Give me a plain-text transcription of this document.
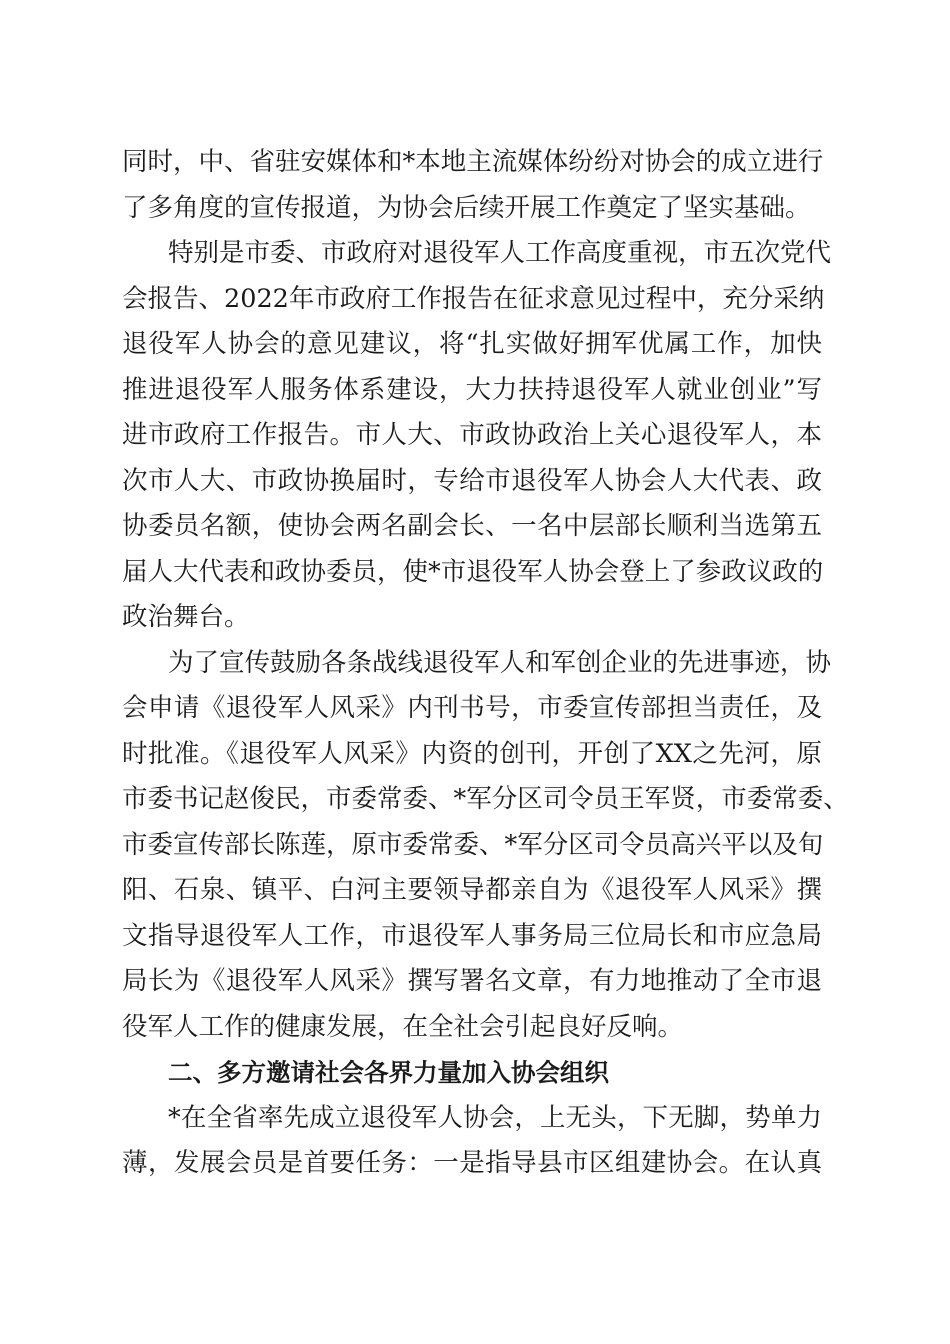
同时，中、省驻安媒体和*本地主流媒体纷纷对协会的成立进行
了多角度的宣传报道，为协会后续开展工作奠定了坚实基础。
特别是市委、市政府对退役军人工作高度重视，市五次党代
会报告、2022年市政府工作报告在征求意见过程中，充分采纳
退役军人协会的意见建议，将“扎实做好拥军优属工作，加快
推进退役军人服务体系建设，大力扶持退役军人就业创业”写
进市政府工作报告。市人大、市政协政治上关心退役军人，本
次市人大、市政协换届时，专给市退役军人协会人大代表、政
协委员名额，使协会两名副会长、一名中层部长顺利当选第五
届人大代表和政协委员，使*市退役军人协会登上了参政议政的
政治舞台。
为了宣传鼓励各条战线退役军人和军创企业的先进事迹，协
会申请《退役军人风采》内刊书号，市委宣传部担当责任，及
时批准。《退役军人风采》内资的创刊，开创了XX之先河，原
市委书记赵俊民，市委常委、*军分区司令员王军贤，市委常委、
市委宣传部长陈莲，原市委常委、*军分区司令员高兴平以及旬
阳、石泉、镇平、白河主要领导都亲自为《退役军人风采》撰
文指导退役军人工作，市退役军人事务局三位局长和市应急局
局长为《退役军人风采》撰写署名文章，有力地推动了全市退
役军人工作的健康发展，在全社会引起良好反响。
二、多方邀请社会各界力量加入协会组织
*在全省率先成立退役军人协会，上无头，下无脚，势单力
薄，发展会员是首要任务：一是指导县市区组建协会。在认真
